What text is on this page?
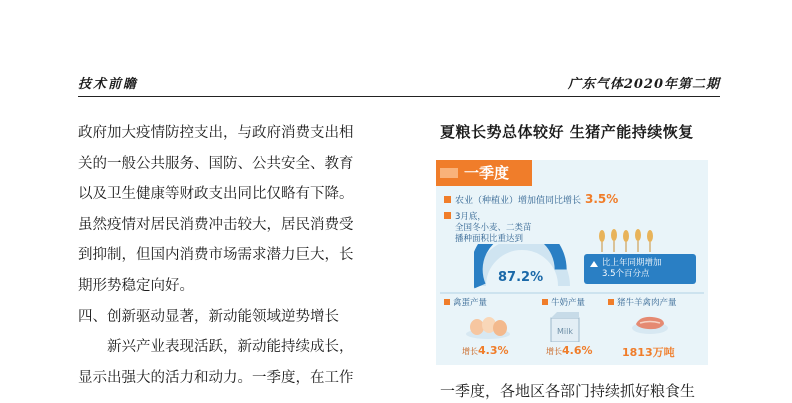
技术前瞻	广东气体2020年第二期

政府加大疫情防控支出，与政府消费支出相

关的一般公共服务、国防、公共安全、教育

以及卫生健康等财政支出同比仅略有下降。

虽然疫情对居民消费冲击较大，居民消费受

到抑制，但国内消费市场需求潜力巨大，长

期形势稳定向好。

四、创新驱动显著，新动能领域逆势增长

新兴产业表现活跃，新动能持续成长，

显示出强大的活力和动力。一季度，在工作

夏粮长势总体较好 生猪产能持续恢复
一季度
农业（种植业）增加值同比增长 3.5%
3月底，
全国冬小麦、二类苗
播种面积比重达到
87.2%
比上年同期增加
3.5个百分点
禽蛋产量	牛奶产量	猪牛羊禽肉产量
Milk
增长4.3%	增长4.6%	1813万吨
一季度，各地区各部门持续抓好粮食生
